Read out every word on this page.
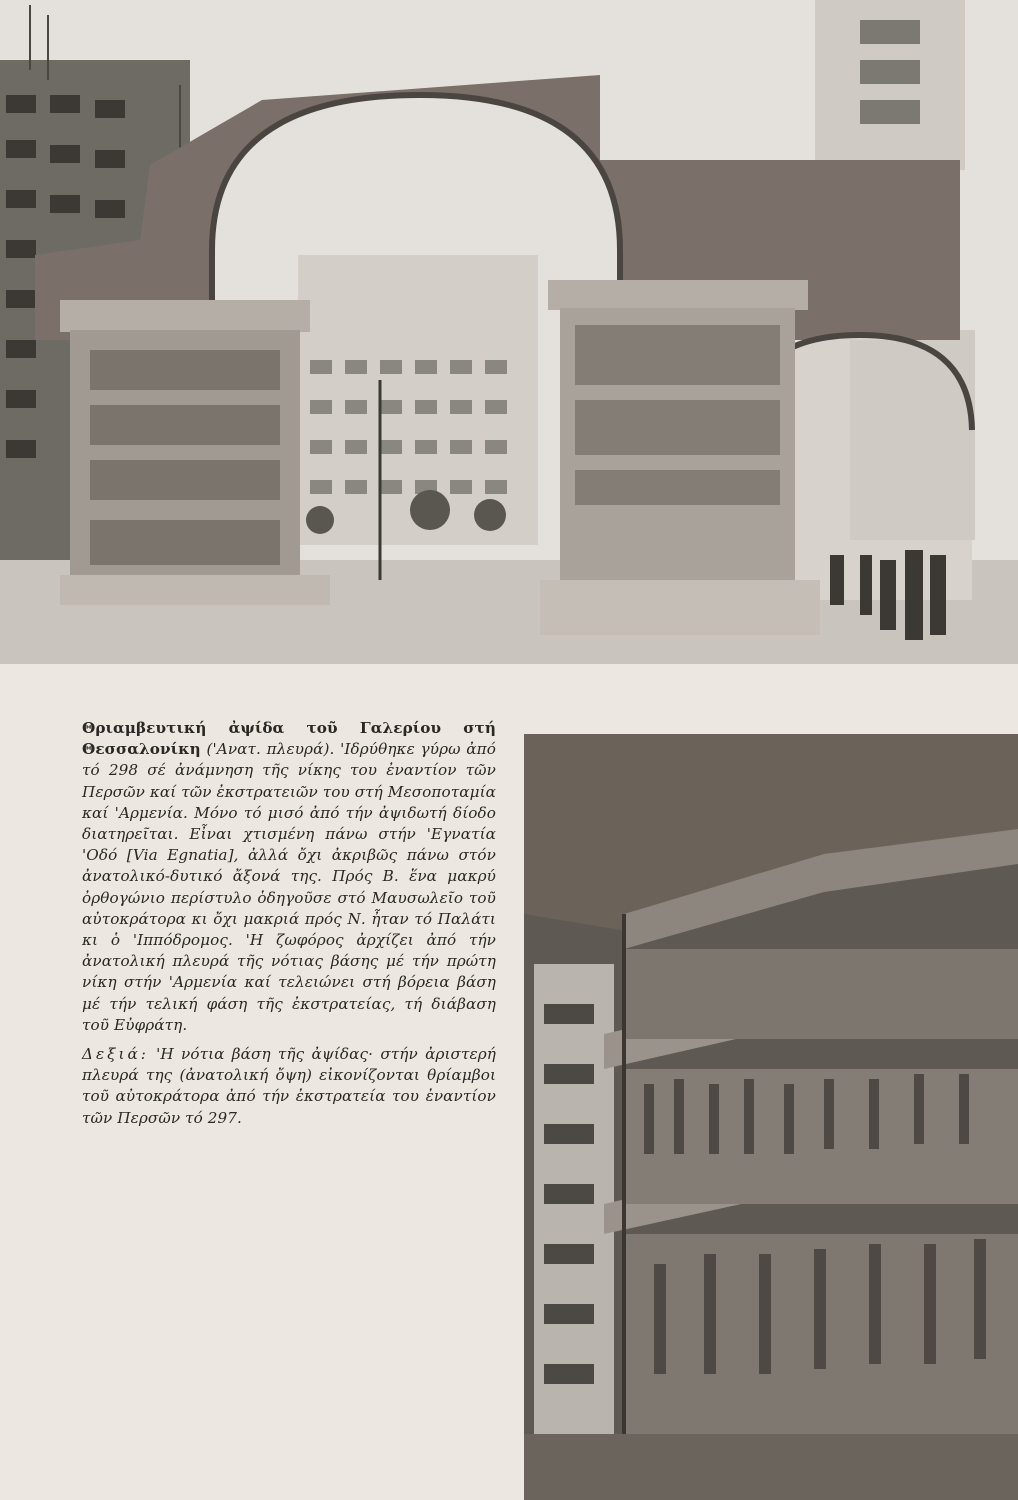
Θριαμβευτική ἀψίδα τοῦ Γαλερίου στή Θεσσαλονίκη ('Ανατ. πλευρά). 'Ιδρύθηκε γύρω ἀπό τό 298 σέ ἀνάμνηση τῆς νίκης του ἐναντίον τῶν Περσῶν καί τῶν ἐκστρατειῶν του στή Μεσοποταμία καί 'Αρμενία. Μόνο τό μισό ἀπό τήν ἀψιδωτή δίοδο διατηρεῖται. Εἶναι χτισμένη πάνω στήν 'Εγνατία 'Οδό [Via Egnatia], ἀλλά ὄχι ἀκριβῶς πάνω στόν ἀνατολικό-δυτικό ἄξονά της. Πρός Β. ἕνα μακρύ ὀρθογώνιο περίστυλο ὁδηγοῦσε στό Μαυσωλεῖο τοῦ αὐτοκράτορα κι ὄχι μακριά πρός Ν. ἦταν τό Παλάτι κι ὁ 'Ιππόδρομος. 'Η ζωφόρος ἀρχίζει ἀπό τήν ἀνατολική πλευρά τῆς νότιας βάσης μέ τήν πρώτη νίκη στήν 'Αρμενία καί τελειώνει στή βόρεια βάση μέ τήν τελική φάση τῆς ἐκστρατείας, τή διάβαση τοῦ Εὐφράτη.

Δεξιά: 'Η νότια βάση τῆς ἀψίδας· στήν ἀριστερή πλευρά της (ἀνατολική ὄψη) εἰκονίζονται θρίαμβοι τοῦ αὐτοκράτορα ἀπό τήν ἐκστρατεία του ἐναντίον τῶν Περσῶν τό 297.
